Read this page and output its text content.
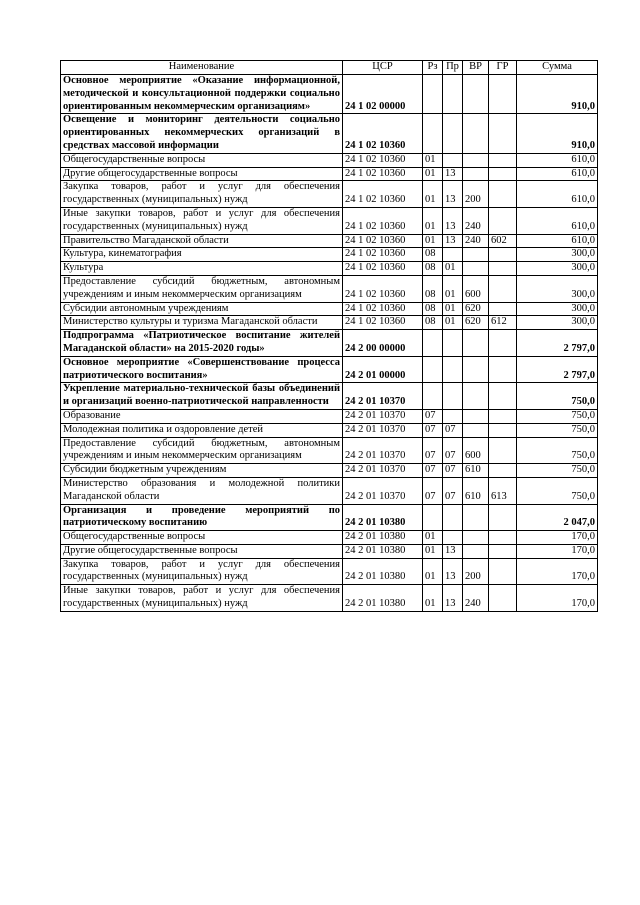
Наименование	ЦСР	Рз	Пр	ВР	ГР	Сумма
Основное мероприятие «Оказание информационной, методической и консультационной поддержки социально ориентированным некоммерческим организациям»	24 1 02 00000					910,0
Освещение и мониторинг деятельности социально ориентированных некоммерческих организаций в средствах массовой информации	24 1 02 10360					910,0
Общегосударственные вопросы	24 1 02 10360	01				610,0
Другие общегосударственные вопросы	24 1 02 10360	01	13			610,0
Закупка товаров, работ и услуг для обеспечения государственных (муниципальных) нужд	24 1 02 10360	01	13	200		610,0
Иные закупки товаров, работ и услуг для обеспечения государственных (муниципальных) нужд	24 1 02 10360	01	13	240		610,0
Правительство Магаданской области	24 1 02 10360	01	13	240	602	610,0
Культура, кинематография	24 1 02 10360	08				300,0
Культура	24 1 02 10360	08	01			300,0
Предоставление субсидий бюджетным, автономным учреждениям и иным некоммерческим организациям	24 1 02 10360	08	01	600		300,0
Субсидии автономным учреждениям	24 1 02 10360	08	01	620		300,0
Министерство культуры и туризма Магаданской области	24 1 02 10360	08	01	620	612	300,0
Подпрограмма «Патриотическое воспитание жителей Магаданской области» на 2015-2020 годы»	24 2 00 00000					2 797,0
Основное мероприятие «Совершенствование процесса патриотического воспитания»	24 2 01 00000					2 797,0
Укрепление материально-технической базы объединений и организаций военно-патриотической направленности	24 2 01 10370					750,0
Образование	24 2 01 10370	07				750,0
Молодежная политика и оздоровление детей	24 2 01 10370	07	07			750,0
Предоставление субсидий бюджетным, автономным учреждениям и иным некоммерческим организациям	24 2 01 10370	07	07	600		750,0
Субсидии бюджетным учреждениям	24 2 01 10370	07	07	610		750,0
Министерство образования и молодежной политики Магаданской области	24 2 01 10370	07	07	610	613	750,0
Организация и проведение мероприятий по патриотическому воспитанию	24 2 01 10380					2 047,0
Общегосударственные вопросы	24 2 01 10380	01				170,0
Другие общегосударственные вопросы	24 2 01 10380	01	13			170,0
Закупка товаров, работ и услуг для обеспечения государственных (муниципальных) нужд	24 2 01 10380	01	13	200		170,0
Иные закупки товаров, работ и услуг для обеспечения государственных (муниципальных) нужд	24 2 01 10380	01	13	240		170,0
